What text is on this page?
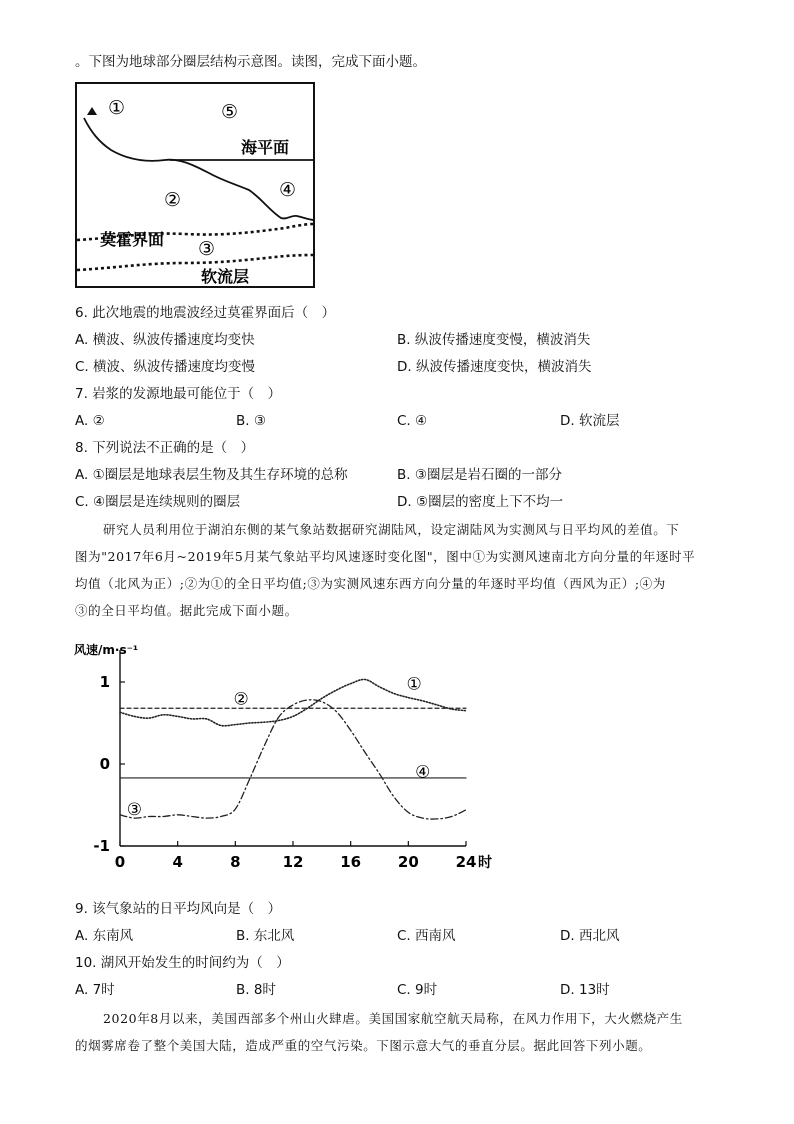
。下图为地球部分圈层结构示意图。读图，完成下面小题。
①	⑤
海平面
②	④
莫霍界面 ③
软流层
6. 此次地震的地震波经过莫霍界面后（　）
A. 横波、纵波传播速度均变快	B. 纵波传播速度变慢，横波消失
C. 横波、纵波传播速度均变慢	D. 纵波传播速度变快，横波消失
7. 岩浆的发源地最可能位于（　）
A. ②	B. ③	C. ④	D. 软流层
8. 下列说法不正确的是（　）
A. ①圈层是地球表层生物及其生存环境的总称	B. ③圈层是岩石圈的一部分
C. ④圈层是连续规则的圈层	D. ⑤圈层的密度上下不均一
研究人员利用位于湖泊东侧的某气象站数据研究湖陆风，设定湖陆风为实测风与日平均风的差值。下
图为"2017年6月~2019年5月某气象站平均风速逐时变化图"，图中①为实测风速南北方向分量的年逐时平
均值（北风为正）;②为①的全日平均值;③为实测风速东西方向分量的年逐时平均值（西风为正）;④为
③的全日平均值。据此完成下面小题。
风速/m·s⁻¹
0	4	8	12 16 20 24 时
1
0
-1
①
②
③
④
9. 该气象站的日平均风向是（　）
A. 东南风	B. 东北风	C. 西南风	D. 西北风
10. 湖风开始发生的时间约为（　）
A. 7时	B. 8时	C. 9时	D. 13时
2020年8月以来，美国西部多个州山火肆虐。美国国家航空航天局称，在风力作用下，大火燃烧产生
的烟雾席卷了整个美国大陆，造成严重的空气污染。下图示意大气的垂直分层。据此回答下列小题。
